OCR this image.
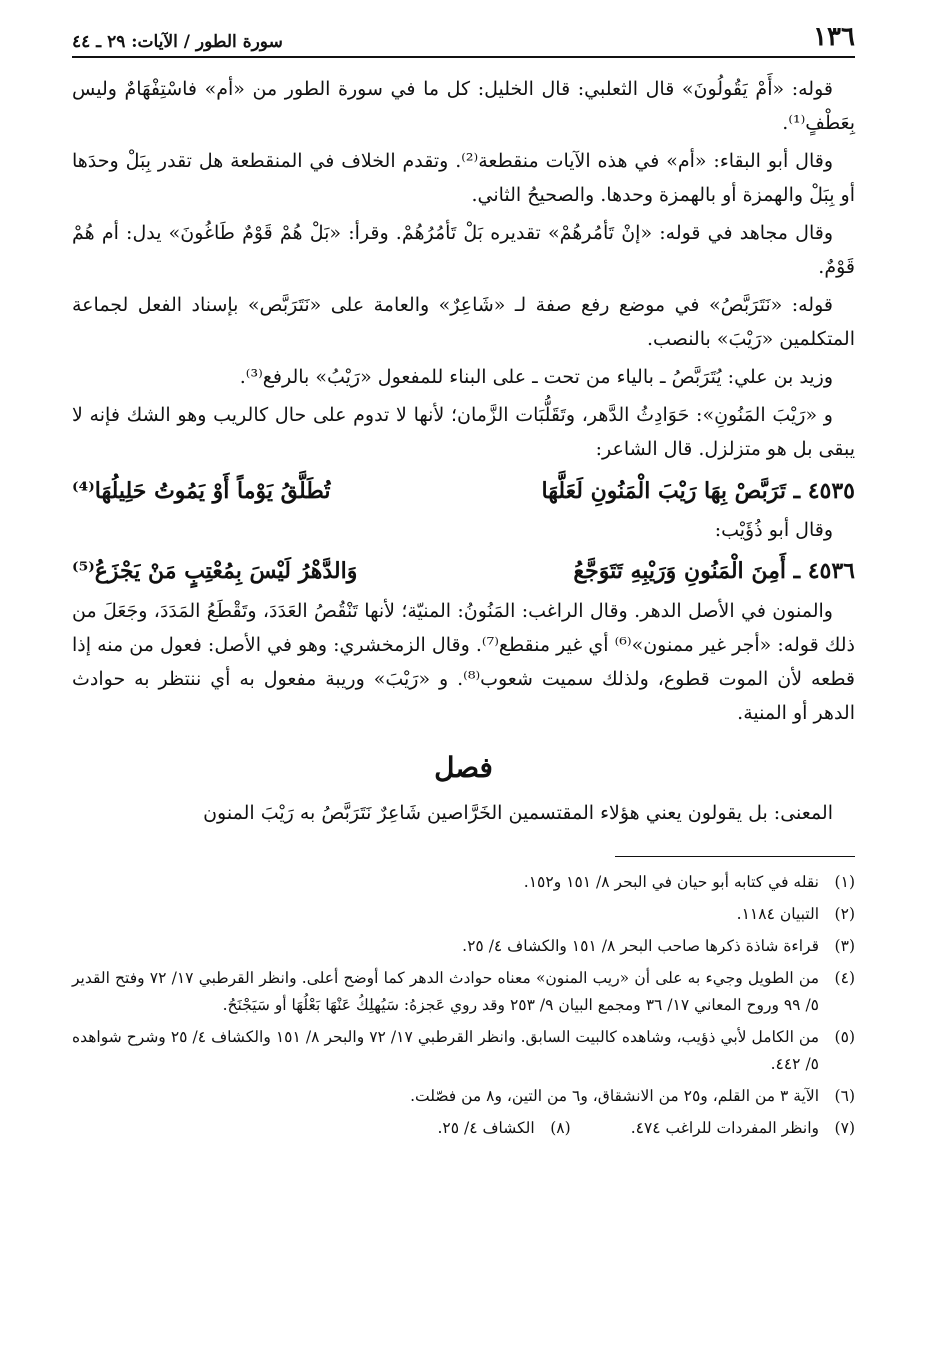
١٣٦
سورة الطور / الآيات: ٢٩ ـ ٤٤

قوله: «أَمْ يَقُولُونَ» قال الثعلبي: قال الخليل: كل ما في سورة الطور من «أم» فاسْتِفْهَامٌ وليس بِعَطْفٍ⁽¹⁾.

وقال أبو البقاء: «أم» في هذه الآيات منقطعة⁽²⁾. وتقدم الخلاف في المنقطعة هل تقدر بِبَلْ وحدَها أو بِبَلْ والهمزة أو بالهمزة وحدها. والصحيحُ الثاني.

وقال مجاهد في قوله: «إنْ تَأمُرهُمْ» تقديره بَلْ تَأمُرُهُمْ. وقرأ: «بَلْ هُمْ قَوْمٌ طَاغُونَ» يدل: أم هُمْ قَوْمٌ.

قوله: «نَتَرَبَّصُ» في موضع رفع صفة لـ «شَاعِرٌ» والعامة على «نَتَرَبَّص» بإسناد الفعل لجماعة المتكلمين «رَيْبَ» بالنصب.

وزيد بن علي: يُتَرَبَّصُ ـ بالياء من تحت ـ على البناء للمفعول «رَيْبُ» بالرفع⁽³⁾.

و «رَيْبَ المَنُونِ»: حَوَادِثُ الدَّهر، وتَقَلُّبَات الزَّمان؛ لأنها لا تدوم على حال كالريب وهو الشك فإنه لا يبقى بل هو متزلزل. قال الشاعر:

٤٥٣٥ ـ تَرَبَّصْ بِهَا رَيْبَ الْمَنُونِ لَعَلَّهَا
تُطَلَّقُ يَوْماً أَوْ يَمُوتُ حَلِيلُهَا⁽⁴⁾
وقال أبو ذُؤَيْب:
٤٥٣٦ ـ أَمِنَ الْمَنُونِ وَرَيْبِهِ تَتَوَجَّعُ
وَالدَّهْرُ لَيْسَ بِمُعْتِبٍ مَنْ يَجْزَعُ⁽⁵⁾

والمنون في الأصل الدهر. وقال الراغب: المَنُونُ: المنيّة؛ لأنها تَنْقُصُ العَدَدَ، وتَقْطَعُ المَدَدَ، وجَعَلَ من ذلك قوله: «أجر غير ممنون»⁽⁶⁾ أي غير منقطع⁽⁷⁾. وقال الزمخشري: وهو في الأصل: فعول من منه إذا قطعه لأن الموت قطوع، ولذلك سميت شعوب⁽⁸⁾. و «رَيْبَ» وريبة مفعول به أي ننتظر به حوادث الدهر أو المنية.

فصل

المعنى: بل يقولون يعني هؤلاء المقتسمين الخَرَّاصين شَاعِرٌ نَتَرَبَّصُ به رَيْبَ المنون

(١)
نقله في كتابه أبو حيان في البحر ٨/ ١٥١ و١٥٢.
(٢)
التبيان ١١٨٤.
(٣)
قراءة شاذة ذكرها صاحب البحر ٨/ ١٥١ والكشاف ٤/ ٢٥.
(٤)
من الطويل وجيء به على أن «ريب المنون» معناه حوادث الدهر كما أوضح أعلى. وانظر القرطبي ١٧/ ٧٢ وفتح القدير ٥/ ٩٩ وروح المعاني ١٧/ ٣٦ ومجمع البيان ٩/ ٢٥٣ وقد روي عَجزهُ: سَيُهلِكُ عَنْهَا بَعْلُهَا أو سَيَجْنَحُ.
(٥)
من الكامل لأبي ذؤيب، وشاهده كالبيت السابق. وانظر القرطبي ١٧/ ٧٢ والبحر ٨/ ١٥١ والكشاف ٤/ ٢٥ وشرح شواهده ٥/ ٤٤٢.
(٦)
الآية ٣ من القلم، و٢٥ من الانشقاق، و٦ من التين، و٨ من فصّلت.
(٧)
وانظر المفردات للراغب ٤٧٤.
(٨)
الكشاف ٤/ ٢٥.
